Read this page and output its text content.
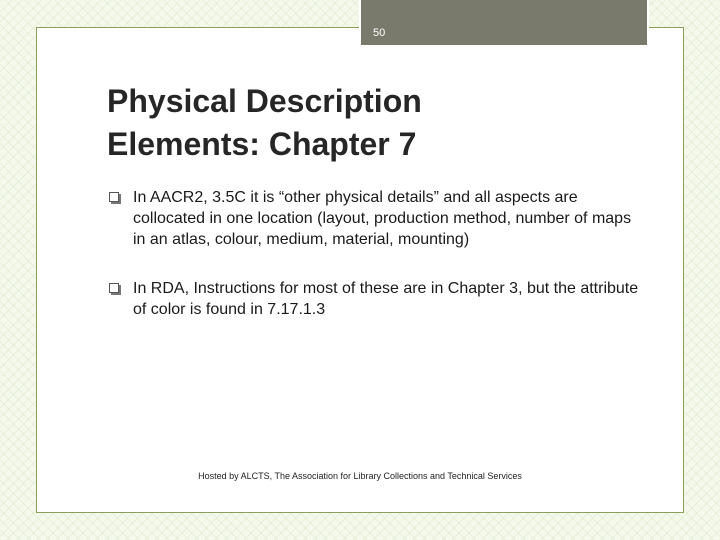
50
Physical Description
Elements: Chapter 7
In AACR2, 3.5C it is “other physical details” and all aspects are collocated in one location (layout, production method, number of maps in an atlas, colour, medium, material, mounting)
In RDA, Instructions for most of these are in Chapter 3, but the attribute of color is found in 7.17.1.3
Hosted by ALCTS, The Association for Library Collections and Technical Services
